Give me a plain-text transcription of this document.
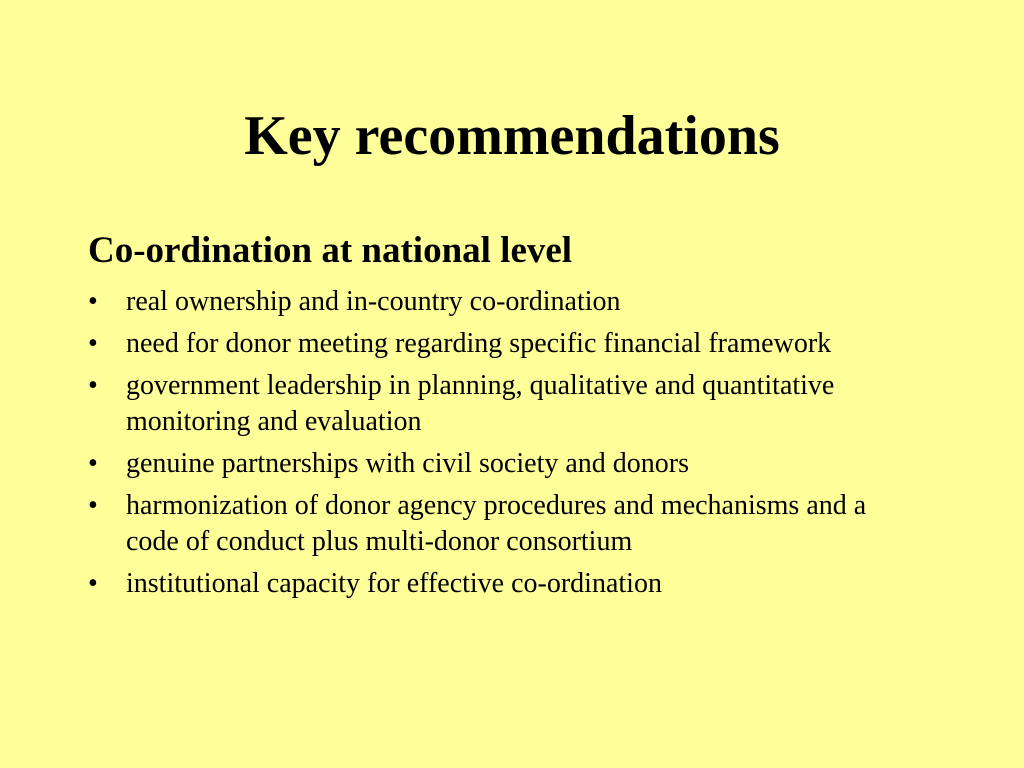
Key recommendations
Co-ordination at national level
•	real ownership and in-country co-ordination
•	need for donor meeting regarding specific financial framework
•	government leadership in planning, qualitative and quantitative monitoring and evaluation
•	genuine partnerships with civil society and donors
•	harmonization of donor agency procedures and mechanisms and a code of conduct plus multi-donor consortium
•	institutional capacity for effective co-ordination
